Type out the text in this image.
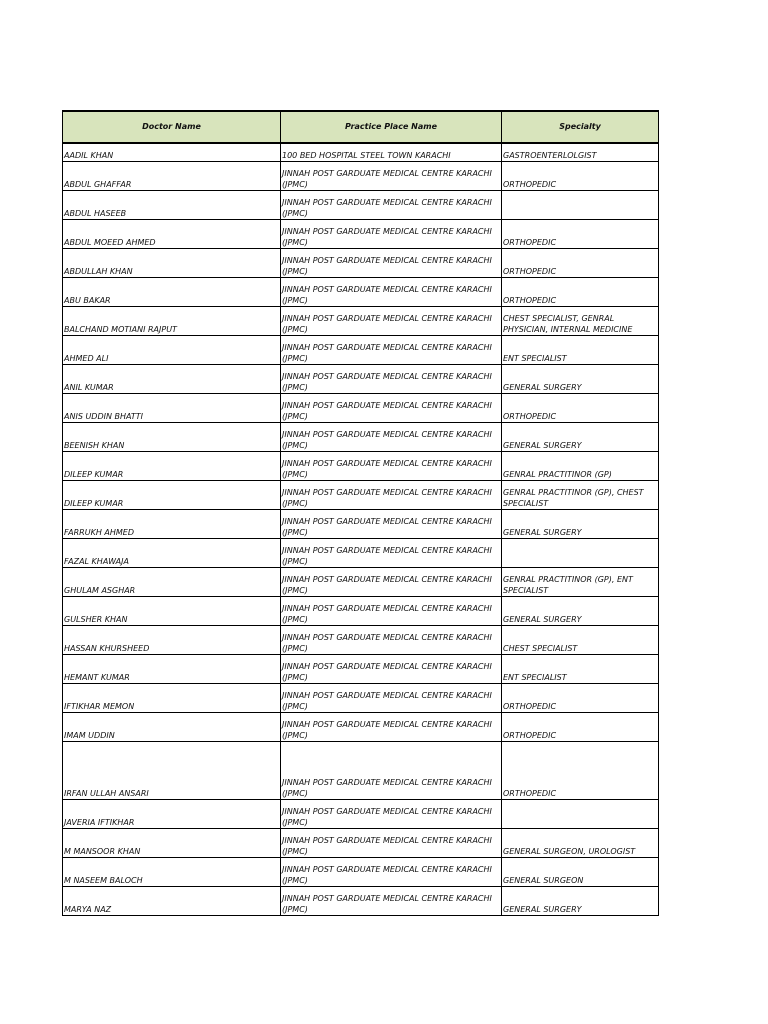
Doctor Name	Practice Place Name	Specialty
AADIL KHAN	100 BED HOSPITAL STEEL TOWN KARACHI	GASTROENTERLOLGIST
ABDUL GHAFFAR	JINNAH POST GARDUATE MEDICAL CENTRE KARACHI (JPMC)	ORTHOPEDIC
ABDUL HASEEB	JINNAH POST GARDUATE MEDICAL CENTRE KARACHI (JPMC)	
ABDUL MOEED AHMED	JINNAH POST GARDUATE MEDICAL CENTRE KARACHI (JPMC)	ORTHOPEDIC
ABDULLAH KHAN	JINNAH POST GARDUATE MEDICAL CENTRE KARACHI (JPMC)	ORTHOPEDIC
ABU BAKAR	JINNAH POST GARDUATE MEDICAL CENTRE KARACHI (JPMC)	ORTHOPEDIC
BALCHAND MOTIANI RAJPUT	JINNAH POST GARDUATE MEDICAL CENTRE KARACHI (JPMC)	CHEST SPECIALIST, GENRAL PHYSICIAN, INTERNAL MEDICINE
AHMED ALI	JINNAH POST GARDUATE MEDICAL CENTRE KARACHI (JPMC)	ENT SPECIALIST
ANIL KUMAR	JINNAH POST GARDUATE MEDICAL CENTRE KARACHI (JPMC)	GENERAL SURGERY
ANIS UDDIN BHATTI	JINNAH POST GARDUATE MEDICAL CENTRE KARACHI (JPMC)	ORTHOPEDIC
BEENISH KHAN	JINNAH POST GARDUATE MEDICAL CENTRE KARACHI (JPMC)	GENERAL SURGERY
DILEEP KUMAR	JINNAH POST GARDUATE MEDICAL CENTRE KARACHI (JPMC)	GENRAL PRACTITINOR (GP)
DILEEP KUMAR	JINNAH POST GARDUATE MEDICAL CENTRE KARACHI (JPMC)	GENRAL PRACTITINOR (GP), CHEST SPECIALIST
FARRUKH AHMED	JINNAH POST GARDUATE MEDICAL CENTRE KARACHI (JPMC)	GENERAL SURGERY
FAZAL KHAWAJA	JINNAH POST GARDUATE MEDICAL CENTRE KARACHI (JPMC)	
GHULAM ASGHAR	JINNAH POST GARDUATE MEDICAL CENTRE KARACHI (JPMC)	GENRAL PRACTITINOR (GP), ENT SPECIALIST
GULSHER KHAN	JINNAH POST GARDUATE MEDICAL CENTRE KARACHI (JPMC)	GENERAL SURGERY
HASSAN KHURSHEED	JINNAH POST GARDUATE MEDICAL CENTRE KARACHI (JPMC)	CHEST SPECIALIST
HEMANT KUMAR	JINNAH POST GARDUATE MEDICAL CENTRE KARACHI (JPMC)	ENT SPECIALIST
IFTIKHAR MEMON	JINNAH POST GARDUATE MEDICAL CENTRE KARACHI (JPMC)	ORTHOPEDIC
IMAM UDDIN	JINNAH POST GARDUATE MEDICAL CENTRE KARACHI (JPMC)	ORTHOPEDIC
IRFAN ULLAH ANSARI	JINNAH POST GARDUATE MEDICAL CENTRE KARACHI (JPMC)	ORTHOPEDIC
JAVERIA IFTIKHAR	JINNAH POST GARDUATE MEDICAL CENTRE KARACHI (JPMC)	
M MANSOOR KHAN	JINNAH POST GARDUATE MEDICAL CENTRE KARACHI (JPMC)	GENERAL SURGEON, UROLOGIST
M NASEEM BALOCH	JINNAH POST GARDUATE MEDICAL CENTRE KARACHI (JPMC)	GENERAL SURGEON
MARYA NAZ	JINNAH POST GARDUATE MEDICAL CENTRE KARACHI (JPMC)	GENERAL SURGERY
